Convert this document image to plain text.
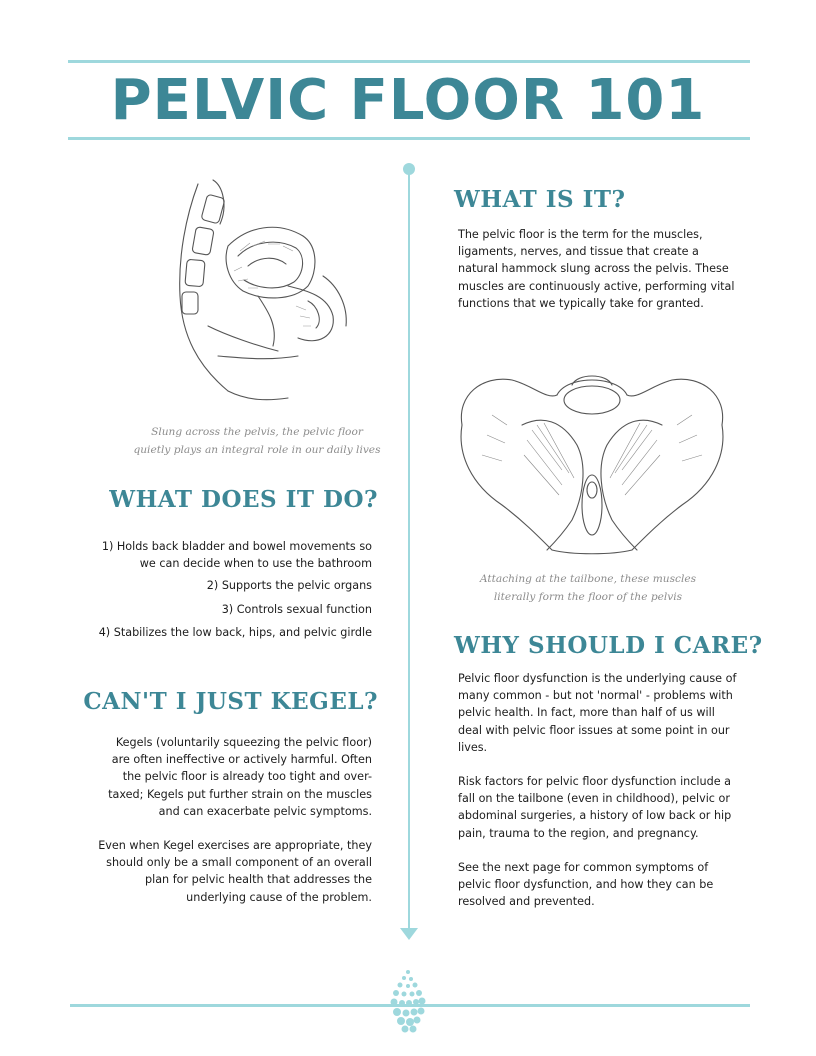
PELVIC FLOOR 101
Slung across the pelvis, the pelvic floor
quietly plays an integral role in our daily lives
WHAT IS IT?

The pelvic floor is the term for the muscles, ligaments, nerves, and tissue that create a natural hammock slung across the pelvis. These muscles are continuously active, performing vital functions that we typically take for granted.

Attaching at the tailbone, these muscles
literally form the floor of the pelvis
WHAT DOES IT DO?
1) Holds back bladder and bowel movements so
we can decide when to use the bathroom
2) Supports the pelvic organs
3) Controls sexual function
4) Stabilizes the low back, hips, and pelvic girdle
CAN'T I JUST KEGEL?

Kegels (voluntarily squeezing the pelvic floor) are often ineffective or actively harmful. Often the pelvic floor is already too tight and over-taxed; Kegels put further strain on the muscles and can exacerbate pelvic symptoms.

Even when Kegel exercises are appropriate, they should only be a small component of an overall plan for pelvic health that addresses the underlying cause of the problem.

WHY SHOULD I CARE?

Pelvic floor dysfunction is the underlying cause of many common - but not 'normal' - problems with pelvic health. In fact, more than half of us will deal with pelvic floor issues at some point in our lives.

Risk factors for pelvic floor dysfunction include a fall on the tailbone (even in childhood), pelvic or abdominal surgeries, a history of low back or hip pain, trauma to the region, and pregnancy.

See the next page for common symptoms of pelvic floor dysfunction, and how they can be resolved and prevented.
